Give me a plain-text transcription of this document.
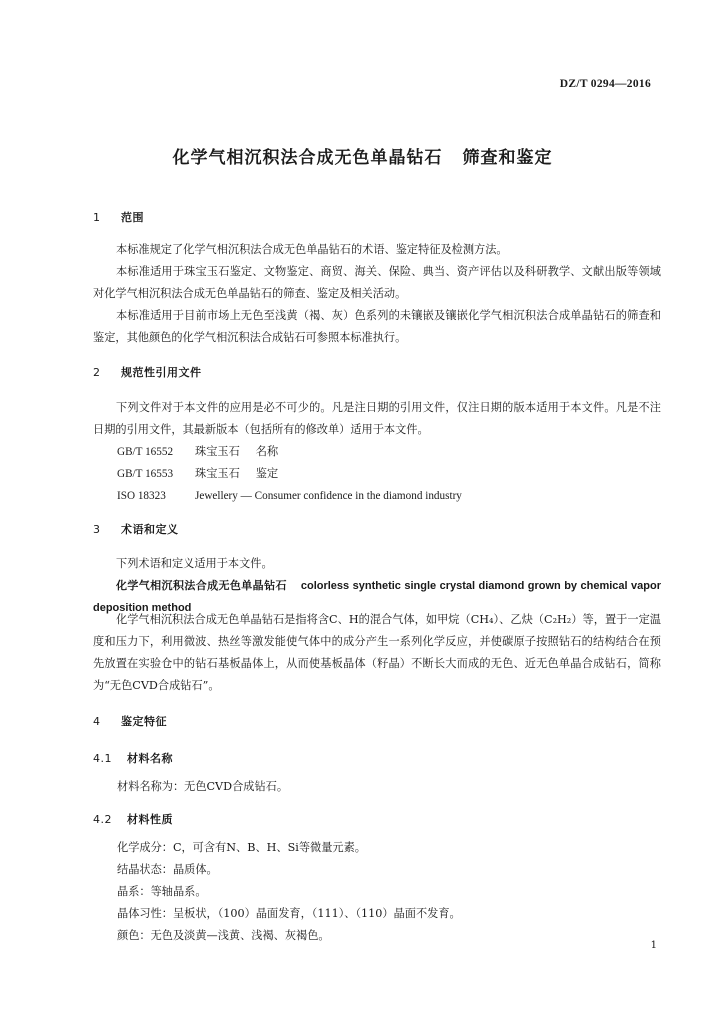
DZ/T 0294—2016
化学气相沉积法合成无色单晶钻石 筛查和鉴定
1 范围
本标准规定了化学气相沉积法合成无色单晶钻石的术语、鉴定特征及检测方法。
本标准适用于珠宝玉石鉴定、文物鉴定、商贸、海关、保险、典当、资产评估以及科研教学、文献出版等领域对化学气相沉积法合成无色单晶钻石的筛查、鉴定及相关活动。
本标准适用于目前市场上无色至浅黄（褐、灰）色系列的未镶嵌及镶嵌化学气相沉积法合成单晶钻石的筛查和鉴定，其他颜色的化学气相沉积法合成钻石可参照本标准执行。
2 规范性引用文件
下列文件对于本文件的应用是必不可少的。凡是注日期的引用文件，仅注日期的版本适用于本文件。凡是不注日期的引用文件，其最新版本（包括所有的修改单）适用于本文件。
GB/T 16552 珠宝玉石 名称
GB/T 16553 珠宝玉石 鉴定
ISO 18323	Jewellery — Consumer confidence in the diamond industry
3 术语和定义
下列术语和定义适用于本文件。
化学气相沉积法合成无色单晶钻石 colorless synthetic single crystal diamond grown by chemical vapor deposition method
化学气相沉积法合成无色单晶钻石是指将含C、H的混合气体，如甲烷（CH₄）、乙炔（C₂H₂）等，置于一定温度和压力下，利用微波、热丝等激发能使气体中的成分产生一系列化学反应，并使碳原子按照钻石的结构结合在预先放置在实验仓中的钻石基板晶体上，从而使基板晶体（籽晶）不断长大而成的无色、近无色单晶合成钻石，简称为“无色CVD合成钻石”。
4 鉴定特征
4.1 材料名称
材料名称为：无色CVD合成钻石。
4.2 材料性质
化学成分：C，可含有N、B、H、Si等微量元素。
结晶状态：晶质体。
晶系：等轴晶系。
晶体习性：呈板状，（100）晶面发育，（111）、（110）晶面不发育。
颜色：无色及淡黄—浅黄、浅褐、灰褐色。
1
